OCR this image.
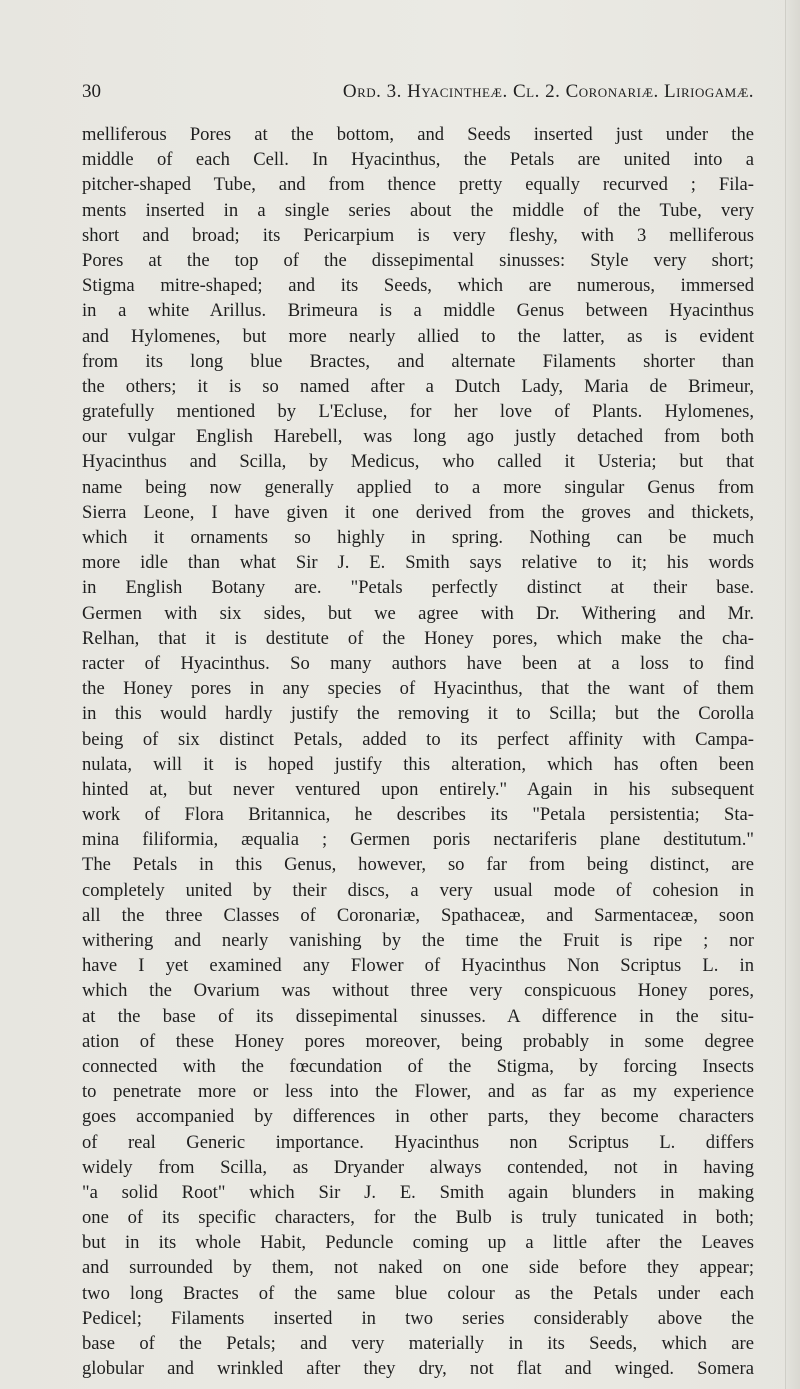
30	Ord. 3. Hyacintheæ. Cl. 2. Coronariæ. Liriogamæ.
melliferous Pores at the bottom, and Seeds inserted just under the
middle of each Cell. In Hyacinthus, the Petals are united into a
pitcher-shaped Tube, and from thence pretty equally recurved ; Fila-
ments inserted in a single series about the middle of the Tube, very
short and broad; its Pericarpium is very fleshy, with 3 melliferous
Pores at the top of the dissepimental sinusses: Style very short;
Stigma mitre-shaped; and its Seeds, which are numerous, immersed
in a white Arillus. Brimeura is a middle Genus between Hyacinthus
and Hylomenes, but more nearly allied to the latter, as is evident
from its long blue Bractes, and alternate Filaments shorter than
the others; it is so named after a Dutch Lady, Maria de Brimeur,
gratefully mentioned by L'Ecluse, for her love of Plants. Hylomenes,
our vulgar English Harebell, was long ago justly detached from both
Hyacinthus and Scilla, by Medicus, who called it Usteria; but that
name being now generally applied to a more singular Genus from
Sierra Leone, I have given it one derived from the groves and thickets,
which it ornaments so highly in spring. Nothing can be much
more idle than what Sir J. E. Smith says relative to it; his words
in English Botany are. "Petals perfectly distinct at their base.
Germen with six sides, but we agree with Dr. Withering and Mr.
Relhan, that it is destitute of the Honey pores, which make the cha-
racter of Hyacinthus. So many authors have been at a loss to find
the Honey pores in any species of Hyacinthus, that the want of them
in this would hardly justify the removing it to Scilla; but the Corolla
being of six distinct Petals, added to its perfect affinity with Campa-
nulata, will it is hoped justify this alteration, which has often been
hinted at, but never ventured upon entirely." Again in his subsequent
work of Flora Britannica, he describes its "Petala persistentia; Sta-
mina filiformia, æqualia ; Germen poris nectariferis plane destitutum."
The Petals in this Genus, however, so far from being distinct, are
completely united by their discs, a very usual mode of cohesion in
all the three Classes of Coronariæ, Spathaceæ, and Sarmentaceæ, soon
withering and nearly vanishing by the time the Fruit is ripe ; nor
have I yet examined any Flower of Hyacinthus Non Scriptus L. in
which the Ovarium was without three very conspicuous Honey pores,
at the base of its dissepimental sinusses. A difference in the situ-
ation of these Honey pores moreover, being probably in some degree
connected with the fœcundation of the Stigma, by forcing Insects
to penetrate more or less into the Flower, and as far as my experience
goes accompanied by differences in other parts, they become characters
of real Generic importance. Hyacinthus non Scriptus L. differs
widely from Scilla, as Dryander always contended, not in having
"a solid Root" which Sir J. E. Smith again blunders in making
one of its specific characters, for the Bulb is truly tunicated in both;
but in its whole Habit, Peduncle coming up a little after the Leaves
and surrounded by them, not naked on one side before they appear;
two long Bractes of the same blue colour as the Petals under each
Pedicel; Filaments inserted in two series considerably above the
base of the Petals; and very materially in its Seeds, which are
globular and wrinkled after they dry, not flat and winged. Somera
